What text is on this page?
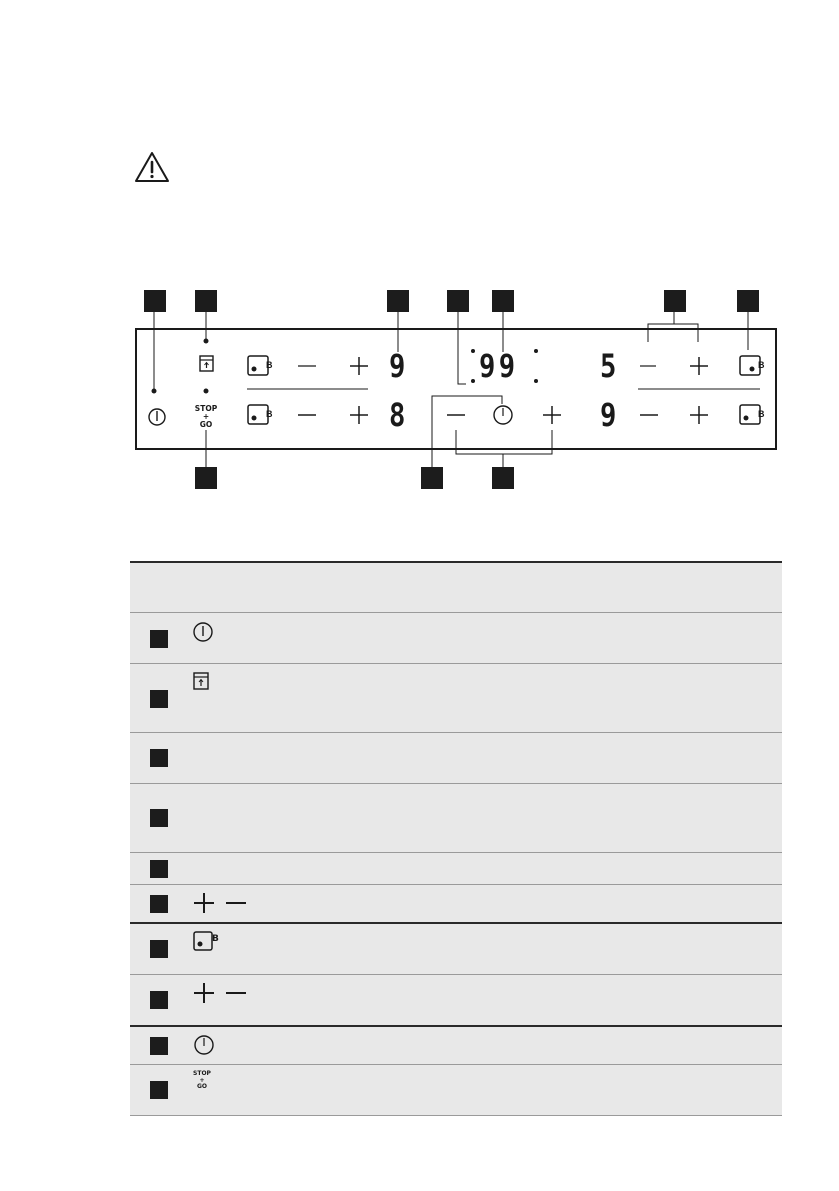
B
B
B
B
STOP
+
GO
9
8
99	5
9
B
STOP
+
GO
